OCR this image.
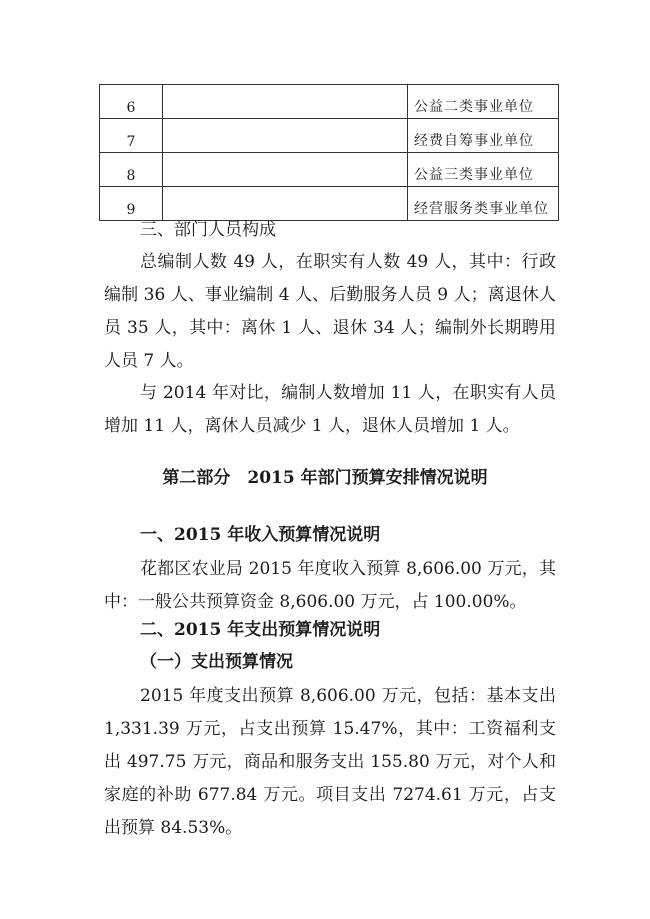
6		公益二类事业单位
7		经费自筹事业单位
8		公益三类事业单位
9		经营服务类事业单位
三、部门人员构成

总编制人数 49 人，在职实有人数 49 人，其中：行政编制 36 人、事业编制 4 人、后勤服务人员 9 人；离退休人员 35 人，其中：离休 1 人、退休 34 人；编制外长期聘用人员 7 人。

与 2014 年对比，编制人数增加 11 人，在职实有人员增加 11 人，离休人员减少 1 人，退休人员增加 1 人。

第二部分　2015 年部门预算安排情况说明
一、2015 年收入预算情况说明

花都区农业局 2015 年度收入预算 8,606.00 万元，其中：一般公共预算资金 8,606.00 万元，占 100.00%。

二、2015 年支出预算情况说明
（一）支出预算情况

2015 年度支出预算 8,606.00 万元，包括：基本支出 1,331.39 万元，占支出预算 15.47%，其中：工资福利支出 497.75 万元，商品和服务支出 155.80 万元，对个人和家庭的补助 677.84 万元。项目支出 7274.61 万元，占支出预算 84.53%。
